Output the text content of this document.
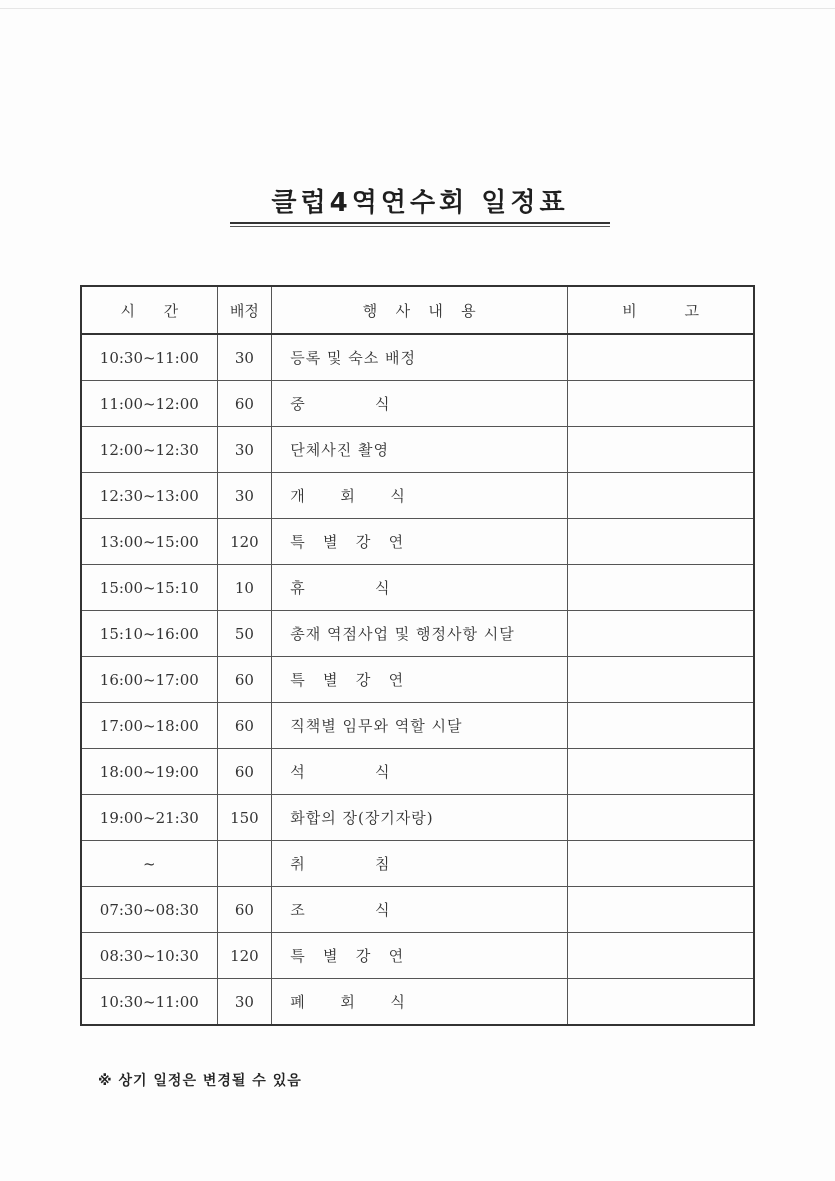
클럽4역연수회 일정표
시      간	배정	행   사   내   용	비          고
10:30~11:00	30	등록 및 숙소 배정	
11:00~12:00	60	중            식	
12:00~12:30	30	단체사진 촬영	
12:30~13:00	30	개      회      식	
13:00~15:00	120	특   별   강   연	
15:00~15:10	10	휴            식	
15:10~16:00	50	총재 역점사업 및 행정사항 시달	
16:00~17:00	60	특   별   강   연	
17:00~18:00	60	직책별 임무와 역할 시달	
18:00~19:00	60	석            식	
19:00~21:30	150	화합의 장(장기자랑)	
~		취            침	
07:30~08:30	60	조            식	
08:30~10:30	120	특   별   강   연	
10:30~11:00	30	폐      회      식	

※ 상기 일정은 변경될 수 있음
